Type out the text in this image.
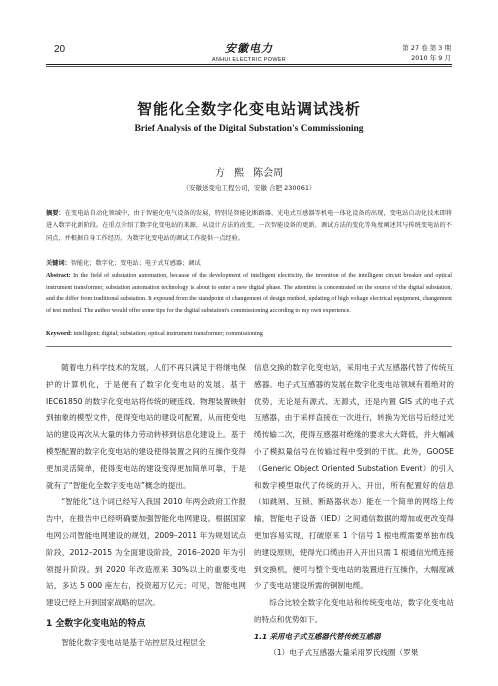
20	安徽电力
ANHUI ELECTRIC POWER
第 27 卷 第 3 期
2010 年 9 月
智能化全数字化变电站调试浅析
Brief Analysis of the Digital Substation's Commissioning
方 熙 陈会周
（安徽送变电工程公司，安徽 合肥 230061）
摘要：在变电站自动化领域中，由于智能化电气设备的发展，特别是智能化断路器、光电式互感器等机电一体化设备的出现，变电站自动化技术即将进入数字化新阶段。在重点介绍了数字化变电站的来源，从设计方法的改变，一次智能设备的更新、调试方法的变化等角度阐述其与传统变电站的不同点，并根据自身工作经历，为数字化变电站的调试工作提供一点经验。
关键词：智能化；数字化；变电站；电子式互感器；调试
Abstract: In the field of substation automation, because of the development of intelligent electricity, the invention of the intelligent circuit breaker and optical instrument transformer, substation automation technology is about to enter a new digital phase. The attention is concentrated on the source of the digital substation, and the differ from traditional substation. It expound from the standpoint of changement of design method, updating of high voltage electrical equipment, changement of test method. The author would offer some tips for the digital substation's commissioning according to my own experience.
Keyword: intelligent; digital; substation; optical instrument transformer; commissioning

随着电力科学技术的发展，人们不再只满足于将继电保护的计算机化，于是便有了数字化变电站的发展。基于 IEC61850 的数字化变电站将传统的硬连线、物理装置映射到抽象的模型文件，使得变电站的建设可配置，从而使变电站的建设再次从大量的体力劳动转移到信息化建设上。基于模型配置的数字化变电站的建设使得装置之间的互操作变得更加灵活简单，使得变电站的建设变得更加简单可靠，于是就有了“智能化全数字变电站”概念的提出。

“智能化”这个词已经写入我国 2010 年两会政府工作报告中，在报告中已经明确要加强智能化电网建设。根据国家电网公司智能电网建设的规划，2009–2011 年为规划试点阶段，2012–2015 为全面建设阶段，2016–2020 年为引领提升阶段。到 2020 年改造原来 30%以上的重要变电站，多达 5 000 座左右，投资超万亿元；可见，智能电网建设已经上升到国家战略的层次。

1 全数字化变电站的特点

智能化数字变电站是基于站控层及过程层全

信息交换的数字化变电站，采用电子式互感器代替了传统互感器。电子式互感器的发展在数字化变电站领域有着绝对的优势，无论是有源式、无源式，还是内置 GIS 式的电子式互感器，由于采样直接在一次进行，转换为光信号后经过光缆传输二次，使得互感器对绝缘的要求大大降低，并大幅减小了模拟量信号在传输过程中受到的干扰。此外，GOOSE（Generic Object Oriented Substation Event）的引入和数字模型取代了传统的开入、开出，所有配置好的信息（如跳闸、互锁、断路器状态）能在一个简单的网络上传输，智能电子设备（IED）之间通信数据的增加或更改变得更加容易实现，打破原来 1 个信号 1 根电缆需要单独布线的建设原则，使得光口缆由开入开出只需 1 根通信光缆连接到交换机，便可与整个变电站的装置进行互操作，大幅度减少了变电站建设所需的铜制电缆。

综合比较全数字化变电站和传统变电站，数字化变电站的特点和优势如下。

1.1 采用电子式互感器代替传统互感器

（1）电子式互感器大量采用罗氏线圈（罗果
